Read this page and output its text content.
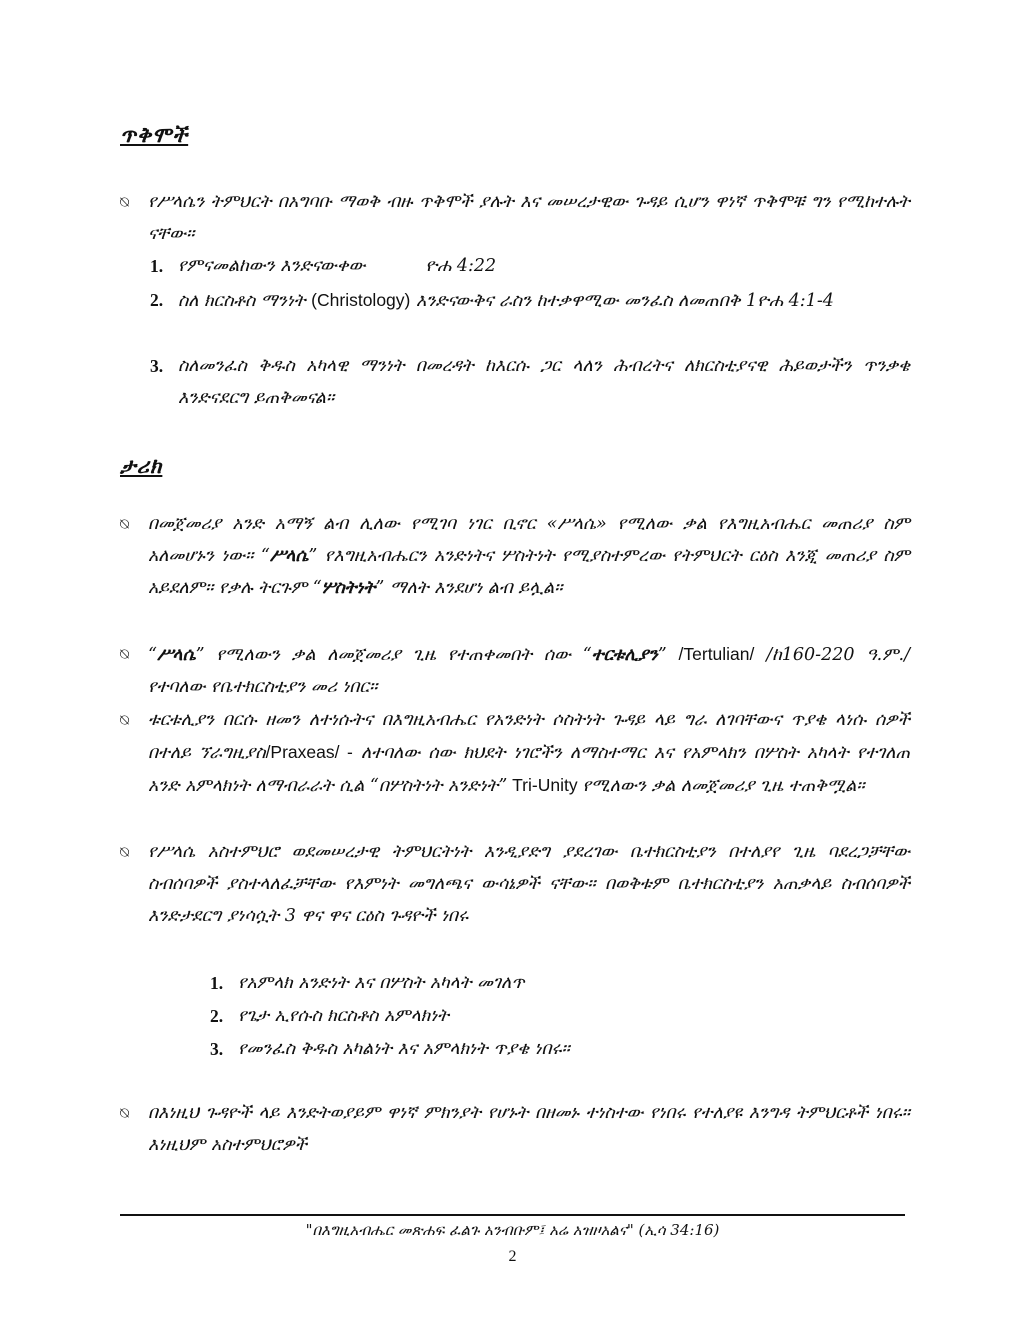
ጥቅሞች
⍉	የሥላሴን ትምህርት በአግባቡ ማወቅ ብዙ ጥቅሞች ያሉት እና መሠረታዊው ጉዳይ ሲሆን ዋነኛ ጥቅሞቹ ግን የሚከተሉት ናቸው፡፡
1. የምናመልከውን እንድናውቀው	ዮሐ 4:22
2. ስለ ክርስቶስ ማንነት (Christology) እንድናውቅና ራስን ከተቃዋሚው መንፈስ ለመጠበቅ 1ዮሐ 4:1-4
3. ስለመንፈስ ቅዱስ አካላዊ ማንነት በመረዳት ከእርሱ ጋር ላለን ሕብረትና ለክርስቲያናዊ ሕይወታችን ጥንቃቄ እንድናደርግ ይጠቅመናል፡፡
ታሪክ
⍉	በመጀመሪያ አንድ አማኝ ልብ ሊለው የሚገባ ነገር ቢኖር «ሥላሴ» የሚለው ቃል የእግዚአብሔር መጠሪያ ስም አለመሆኑን ነው፡፡ “ሥላሴ” የእግዚአብሔርን አንድነትና ሦስትነት የሚያስተምረው የትምህርት ርዕስ እንጂ መጠሪያ ስም አይደለም፡፡ የቃሉ ትርጉም “ሦስትነት” ማለት እንደሆነ ልብ ይሏል፡፡
⍉	“ሥላሴ” የሚለውን ቃል ለመጀመሪያ ጊዜ የተጠቀመበት ሰው “ተርቱሊያን” /Tertulian/ /ከ160-220 ዓ.ም./ የተባለው የቤተክርስቲያን መሪ ነበር፡፡
⍉	ቱርቱሊያን በርሱ ዘመን ለተነሱትና በእግዚአብሔር የአንድነት ሶስትነት ጉዳይ ላይ ግራ ለገባቸውና ጥያቄ ላነሱ ሰዎች በተለይ ኘራግዚያስ/Praxeas/ - ለተባለው ሰው ክህደት ነገሮችን ለማስተማር እና የአምላክን በሦስት አካላት የተገለጠ አንድ አምላክነት ለማብራራት ሲል “በሦስትነት አንድነት” Tri-Unity የሚለውን ቃል ለመጀመሪያ ጊዜ ተጠቅሟል፡፡
⍉	የሥላሴ አስተምህሮ ወደመሠረታዊ ትምህርትነት እንዲያድግ ያደረገው ቤተክርስቲያን በተለያየ ጊዜ ባደረጋቻቸው ስብሰባዎች ያስተላለፈቻቸው የእምነት መግለጫና ውሳኔዎች ናቸው፡፡ በወቅቱም ቤተክርስቲያን አጠቃላይ ስብሰባዎች እንድታደርግ ያነሳሷት 3 ዋና ዋና ርዕስ ጉዳዮች ነበሩ
1. የአምላክ አንድነት እና በሦስት አካላት መገለጥ
2. የጌታ ኢየሱስ ክርስቶስ አምላክነት
3. የመንፈስ ቅዱስ አካልነት እና አምላክነት ጥያቄ ነበሩ፡፡
⍉	በእነዚህ ጉዳዮች ላይ እንድትወያይም ዋነኛ ምክንያት የሆኑት በዘመኑ ተነስተው የነበሩ የተለያዩ እንግዳ ትምህርቶች ነበሩ፡፡ እነዚህም አስተምህሮዎች
"በእግዚአብሔር መጽሐፍ ፈልጉ አንብቡም፤ አሬ አዝዞአልና" (ኢሳ 34:16)
2
